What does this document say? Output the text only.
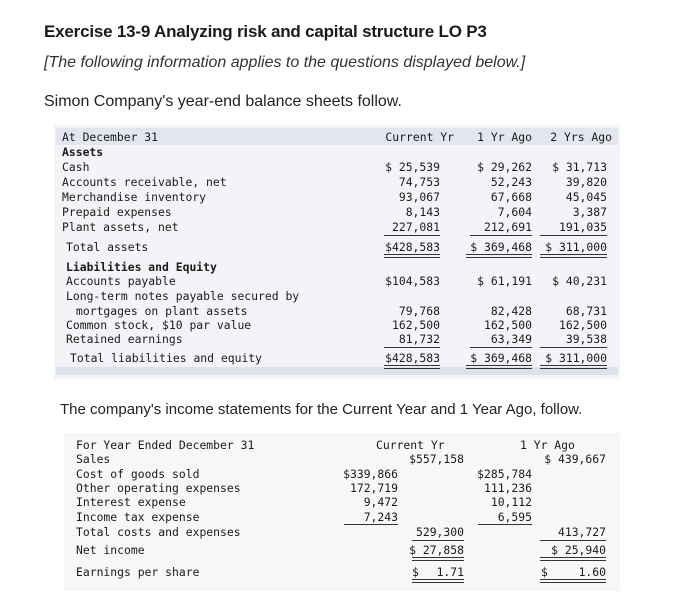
Exercise 13-9 Analyzing risk and capital structure LO P3
[The following information applies to the questions displayed below.]
Simon Company's year-end balance sheets follow.
At December 31	Current Yr	1 Yr Ago	2 Yrs Ago
Assets
Cash	$ 25,539	$ 29,262	$ 31,713
Accounts receivable, net	74,753	52,243	39,820
Merchandise inventory	93,067	67,668	45,045
Prepaid expenses	8,143	7,604	3,387
Plant assets, net	227,081	212,691	191,035
Total assets	$428,583	$ 369,468	$ 311,000
Liabilities and Equity
Accounts payable	$104,583	$ 61,191	$ 40,231
Long-term notes payable secured by
mortgages on plant assets	79,768	82,428	68,731
Common stock, $10 par value	162,500	162,500	162,500
Retained earnings	81,732	63,349	39,538
Total liabilities and equity	$428,583	$ 369,468	$ 311,000
The company's income statements for the Current Year and 1 Year Ago, follow.
For Year Ended December 31	Current Yr	1 Yr Ago
Sales	$557,158	$ 439,667
Cost of goods sold	$339,866	$285,784
Other operating expenses	172,719	111,236
Interest expense	9,472	10,112
Income tax expense	7,243	6,595
Total costs and expenses	529,300	413,727
Net income	$ 27,858	$ 25,940
Earnings per share	$	1.71	$	1.60
